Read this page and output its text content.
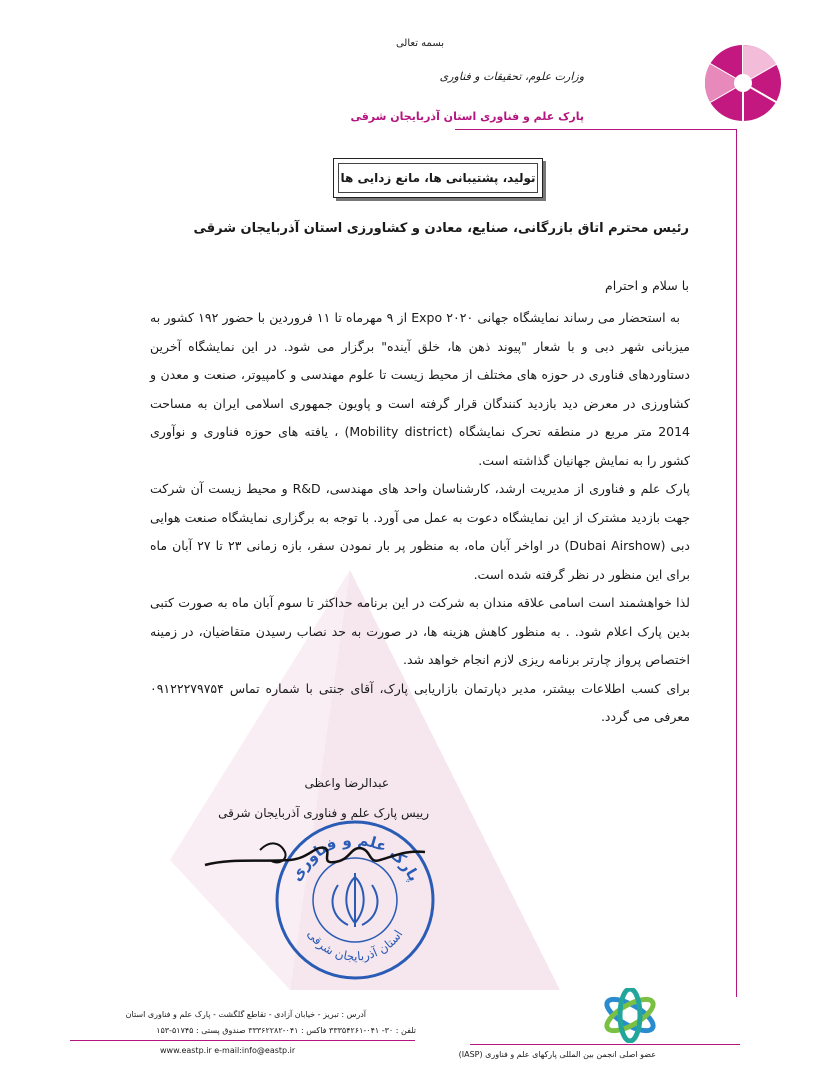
بسمه تعالی
وزارت علوم، تحقیقات و فناوری
پارک علم و فناوری استان آذربایجان شرقی
تولید، پشتیبانی ها، مانع زدایی ها
رئیس محترم اتاق بازرگانی، صنایع، معادن و کشاورزی استان آذربایجان شرقی
با سلام و احترام

به استحضار می رساند نمایشگاه جهانی Expo ۲۰۲۰ از ۹ مهرماه تا ۱۱ فروردین با حضور ۱۹۲ کشور به میزبانی شهر دبی و با شعار "پیوند ذهن ها، خلق آینده" برگزار می شود. در این نمایشگاه آخرین دستاوردهای فناوری در حوزه های مختلف از محیط زیست تا علوم مهندسی و کامپیوتر، صنعت و معدن و کشاورزی در معرض دید بازدید کنندگان قرار گرفته است و پاویون جمهوری اسلامی ایران به مساحت 2014 متر مربع در منطقه تحرک نمایشگاه (Mobility district) ، یافته های حوزه فناوری و نوآوری کشور را به نمایش جهانیان گذاشته است.

پارک علم و فناوری از مدیریت ارشد، کارشناسان واحد های مهندسی، R&D و محیط زیست آن شرکت جهت بازدید مشترک از این نمایشگاه دعوت به عمل می آورد. با توجه به برگزاری نمایشگاه صنعت هوایی دبی (Dubai Airshow) در اواخر آبان ماه، به منظور پر بار نمودن سفر، بازه زمانی ۲۳ تا ۲۷ آبان ماه برای این منظور در نظر گرفته شده است.

لذا خواهشمند است اسامی علاقه مندان به شرکت در این برنامه حداکثر تا سوم آبان ماه به صورت کتبی بدین پارک اعلام شود. . به منظور کاهش هزینه ها، در صورت به حد نصاب رسیدن متقاضیان، در زمینه اختصاص پرواز چارتر برنامه ریزی لازم انجام خواهد شد.

برای کسب اطلاعات بیشتر، مدیر دپارتمان بازاریابی پارک، آقای جنتی با شماره تماس ۰۹۱۲۲۲۷۹۷۵۴ معرفی می گردد.

عبدالرضا واعظی
رییس پارک علم و فناوری آذربایجان شرقی
پارک علم و فناوری
استان آذربایجان شرقی
آدرس : تبریز - خیابان آزادی - تقاطع گلگشت - پارک علم و فناوری استان
تلفن : ۳۰- ۰۴۱-۳۳۳۵۴۲۶۱ فاکس : ۰۴۱-۳۳۳۶۲۲۸۲ صندوق پستی : ۵۱۷۴۵-۱۵۳
www.eastp.ir e-mail:info@eastp.ir	عضو اصلی انجمن بین المللی پارکهای علم و فناوری (IASP)
